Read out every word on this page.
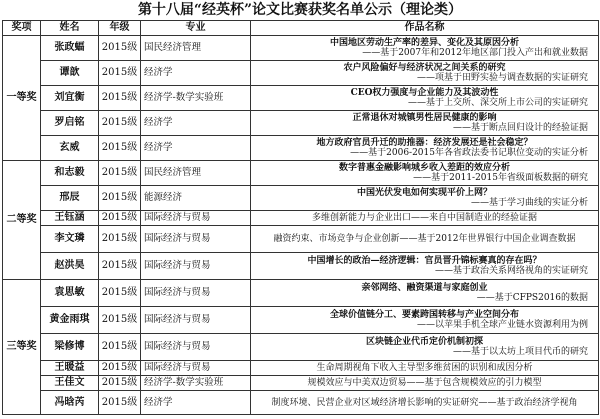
第十八届“经英杯”论文比赛获奖名单公示（理论类）
奖项	姓名	年级	专业	作品名称
一等奖	张政蝠	2015级	国民经济管理	中国地区劳动生产率的差异、变化及其原因分析
——基于2007年和2012年地区部门投入产出和就业数据

	谭歆	2015级	经济学	农户风险偏好与经济状况之间关系的研究
——项基于田野实验与调查数据的实证研究

	刘宜衡	2015级	经济学-数学实验班	CEO权力强度与企业能力及其波动性
——基于上交所、深交所上市公司的实证研究

	罗启铭	2015级	经济学	正常退休对城镇男性居民健康的影响
——基于断点回归设计的经验证据

	玄威	2015级	经济学	地方政府官员升迁的助推器：经济发展还是社会稳定？
——基于2006-2015年各省政法委书记职位变动的实证分析

二等奖	和志毅	2015级	国民经济管理	数字普惠金融影响城乡收入差距的效应分析
——基于2011-2015年省级面板数据的研究

	邢辰	2015级	能源经济	中国光伏发电如何实现平价上网？
——基于学习曲线的实证分析

	王钰涵	2015级	国际经济与贸易	多维创新能力与企业出口——来自中国制造业的经验证据
	李文璘	2015级	国际经济与贸易	融资约束、市场竞争与企业创新——基于2012年世界银行中国企业调查数据
	赵洪昊	2015级	国际经济与贸易	中国增长的政治—经济逻辑：官员晋升锦标赛真的存在吗？
——基于政治关系网络视角的实证研究

三等奖	袁思敏	2015级	国际经济与贸易	亲邻网络、融资渠道与家庭创业
——基于CFPS2016的数据

	黄金雨琪	2015级	国际经济与贸易	全球价值链分工、要素跨国转移与产业空间分布
——以苹果手机全球产业链水资源利用为例

	梁修博	2015级	国际经济与贸易	区块链企业代币定价机制初探
——基于以太坊上项目代币的研究

	王暖益	2015级	国际经济与贸易	生命周期视角下收入主导型多维贫困的识别和成因分析
	王佳文	2015级	经济学-数学实验班	规模效应与中美双边贸易——基于包含规模效应的引力模型
	冯晗芮	2015级	经济学	制度环境、民营企业对区域经济增长影响的实证研究——基于政治经济学视角
